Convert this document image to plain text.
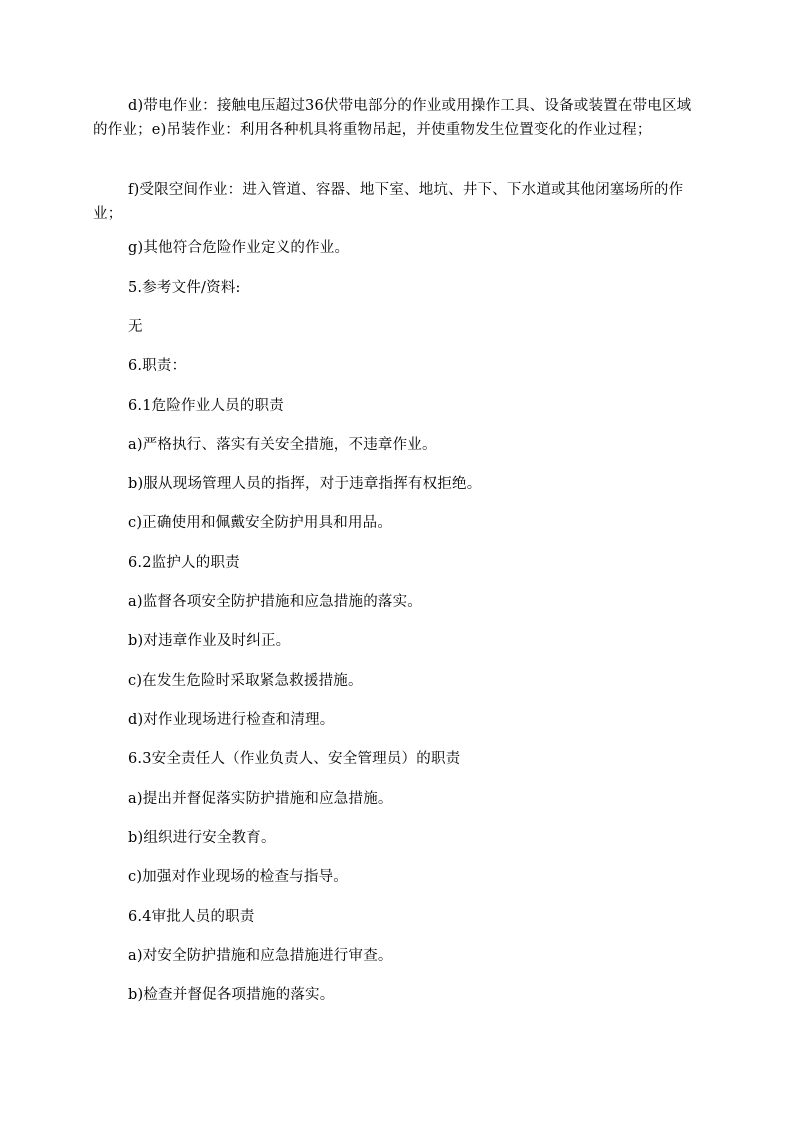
d)带电作业：接触电压超过36伏带电部分的作业或用操作工具、设备或装置在带电区域的作业；e)吊装作业：利用各种机具将重物吊起，并使重物发生位置变化的作业过程；

f)受限空间作业：进入管道、容器、地下室、地坑、井下、下水道或其他闭塞场所的作业；

g)其他符合危险作业定义的作业。

5.参考文件/资料:

无

6.职责：

6.1危险作业人员的职责

a)严格执行、落实有关安全措施，不违章作业。

b)服从现场管理人员的指挥，对于违章指挥有权拒绝。

c)正确使用和佩戴安全防护用具和用品。

6.2监护人的职责

a)监督各项安全防护措施和应急措施的落实。

b)对违章作业及时纠正。

c)在发生危险时采取紧急救援措施。

d)对作业现场进行检查和清理。

6.3安全责任人（作业负责人、安全管理员）的职责

a)提出并督促落实防护措施和应急措施。

b)组织进行安全教育。

c)加强对作业现场的检查与指导。

6.4审批人员的职责

a)对安全防护措施和应急措施进行审查。

b)检查并督促各项措施的落实。
